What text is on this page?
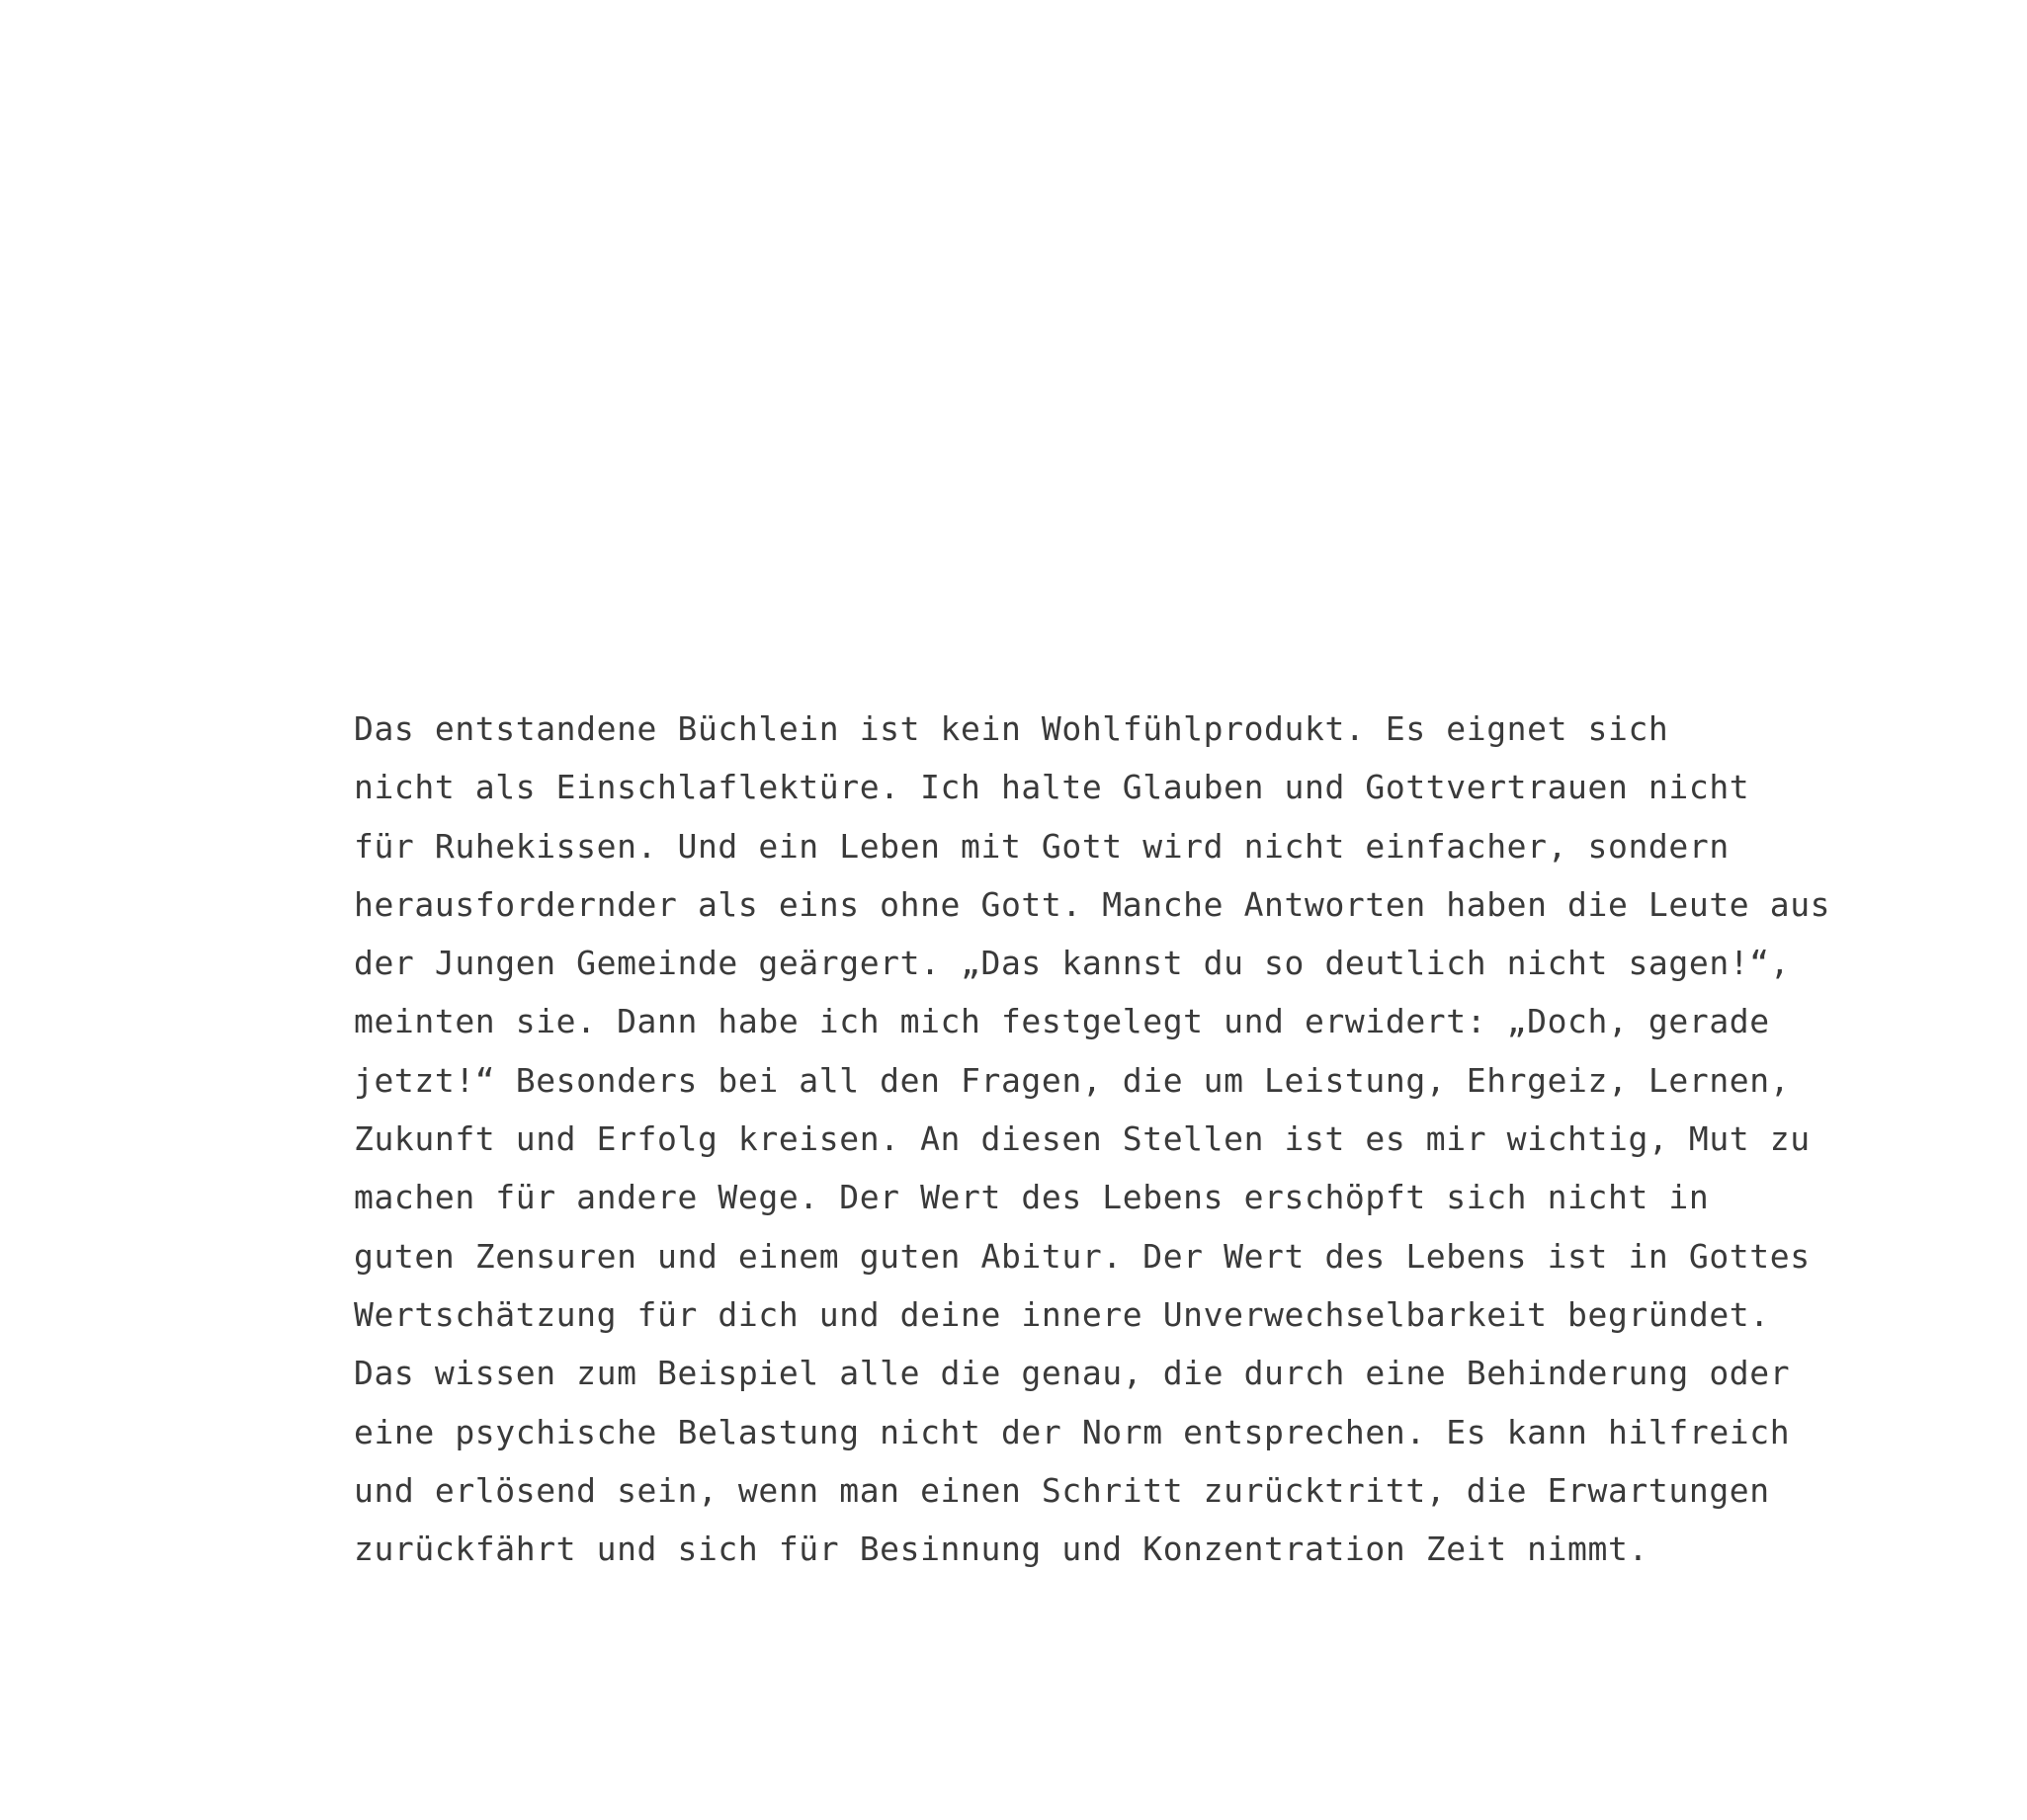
Das entstandene Büchlein ist kein Wohlfühlprodukt. Es eignet sich
nicht als Einschlaflektüre. Ich halte Glauben und Gottvertrauen nicht
für Ruhekissen. Und ein Leben mit Gott wird nicht einfacher, sondern
herausfordernder als eins ohne Gott. Manche Antworten haben die Leute aus
der Jungen Gemeinde geärgert. „Das kannst du so deutlich nicht sagen!“,
meinten sie. Dann habe ich mich festgelegt und erwidert: „Doch, gerade
jetzt!“ Besonders bei all den Fragen, die um Leistung, Ehrgeiz, Lernen,
Zukunft und Erfolg kreisen. An diesen Stellen ist es mir wichtig, Mut zu
machen für andere Wege. Der Wert des Lebens erschöpft sich nicht in
guten Zensuren und einem guten Abitur. Der Wert des Lebens ist in Gottes
Wertschätzung für dich und deine innere Unverwechselbarkeit begründet.
Das wissen zum Beispiel alle die genau, die durch eine Behinderung oder
eine psychische Belastung nicht der Norm entsprechen. Es kann hilfreich
und erlösend sein, wenn man einen Schritt zurücktritt, die Erwartungen
zurückfährt und sich für Besinnung und Konzentration Zeit nimmt.
